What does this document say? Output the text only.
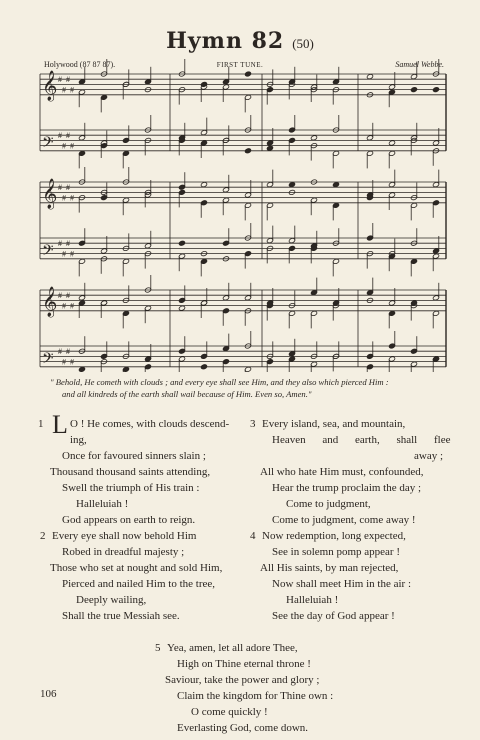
Hymn 82 (50)
Holywood (87 87 87).	FIRST TUNE.	Samuel Webbe.
𝄞 #
#
#
#
𝄢 #
#
#
#
𝄞 #
#
#
#
𝄢 #
#
#
#
𝄞 #
#
#
#
𝄢 #
#
#
#
" Behold, He cometh with clouds ; and every eye shall see Him, and they also which pierced Him :
and all kindreds of the earth shall wail because of Him. Even so, Amen."
1 L O ! He comes, with clouds descend-
ing,
Once for favoured sinners slain ;
Thousand thousand saints attending,
Swell the triumph of His train :
Halleluiah !
God appears on earth to reign.
2 Every eye shall now behold Him
Robed in dreadful majesty ;
Those who set at nought and sold Him,
Pierced and nailed Him to the tree,
Deeply wailing,
Shall the true Messiah see.
3 Every island, sea, and mountain,
Heaven and earth, shall flee
away ;
All who hate Him must, confounded,
Hear the trump proclaim the day ;
Come to judgment,
Come to judgment, come away !
4 Now redemption, long expected,
See in solemn pomp appear !
All His saints, by man rejected,
Now shall meet Him in the air :
Halleluiah !
See the day of God appear !
5 Yea, amen, let all adore Thee,
High on Thine eternal throne !
Saviour, take the power and glory ;
Claim the kingdom for Thine own :
O come quickly !
Everlasting God, come down.
106
